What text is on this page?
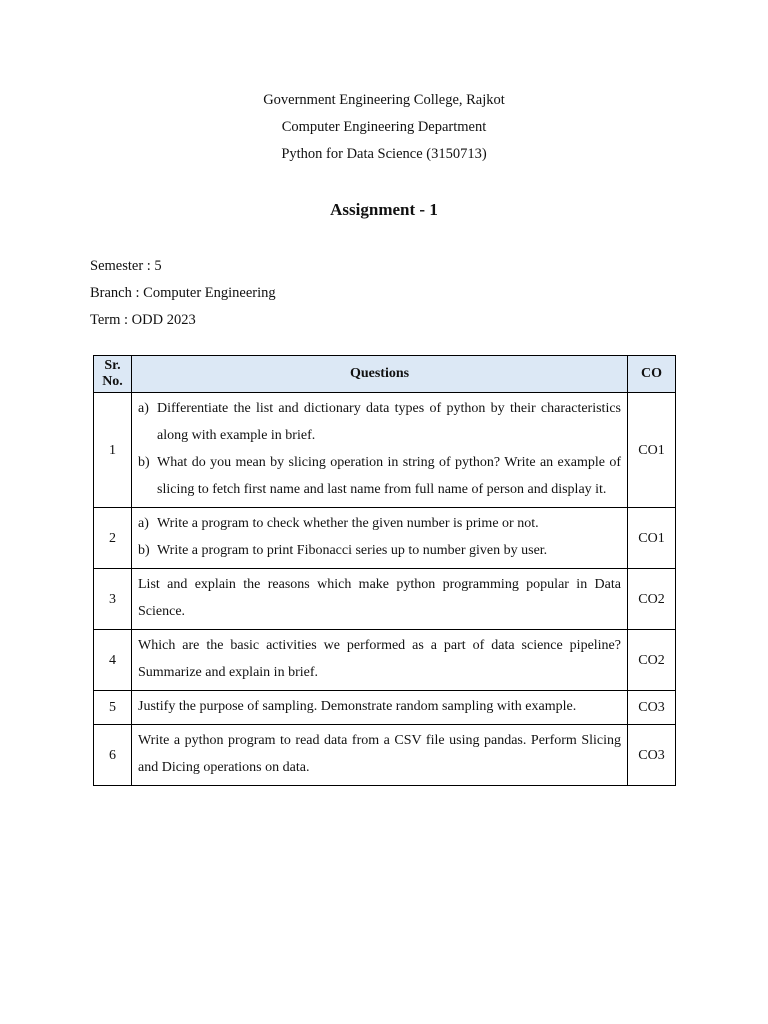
Government Engineering College, Rajkot
Computer Engineering Department
Python for Data Science (3150713)
Assignment - 1
Semester : 5
Branch : Computer Engineering
Term : ODD 2023
Sr. No.	Questions	CO
1	a) Differentiate the list and dictionary data types of python by their characteristics along with example in brief.
b) What do you mean by slicing operation in string of python? Write an example of slicing to fetch first name and last name from full name of person and display it.	CO1
2	a) Write a program to check whether the given number is prime or not.
b) Write a program to print Fibonacci series up to number given by user.	CO1
3	List and explain the reasons which make python programming popular in Data Science.	CO2
4	Which are the basic activities we performed as a part of data science pipeline? Summarize and explain in brief.	CO2
5	Justify the purpose of sampling. Demonstrate random sampling with example.	CO3
6	Write a python program to read data from a CSV file using pandas. Perform Slicing and Dicing operations on data.	CO3
